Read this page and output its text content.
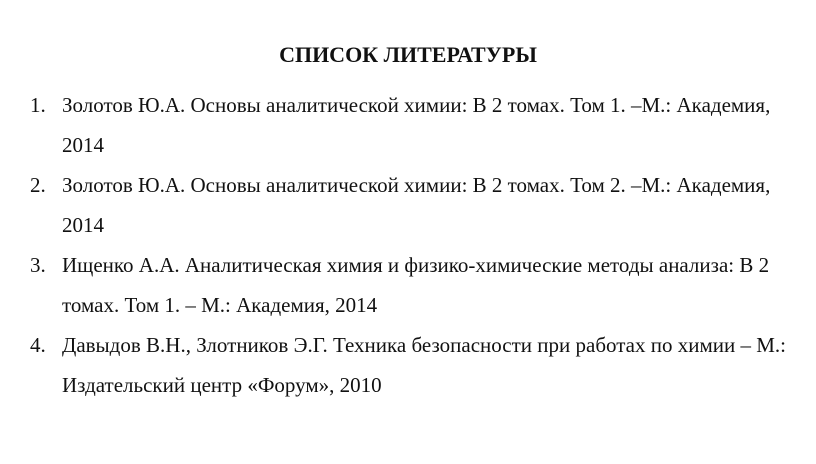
СПИСОК ЛИТЕРАТУРЫ
1. Золотов Ю.А. Основы аналитической химии: В 2 томах. Том 1. –М.: Академия, 2014
2. Золотов Ю.А. Основы аналитической химии: В 2 томах. Том 2. –М.: Академия, 2014
3. Ищенко А.А. Аналитическая химия и физико-химические методы анализа: В 2 томах. Том 1. – М.: Академия, 2014
4. Давыдов В.Н., Злотников Э.Г. Техника безопасности при работах по химии – М.: Издательский центр «Форум», 2010
